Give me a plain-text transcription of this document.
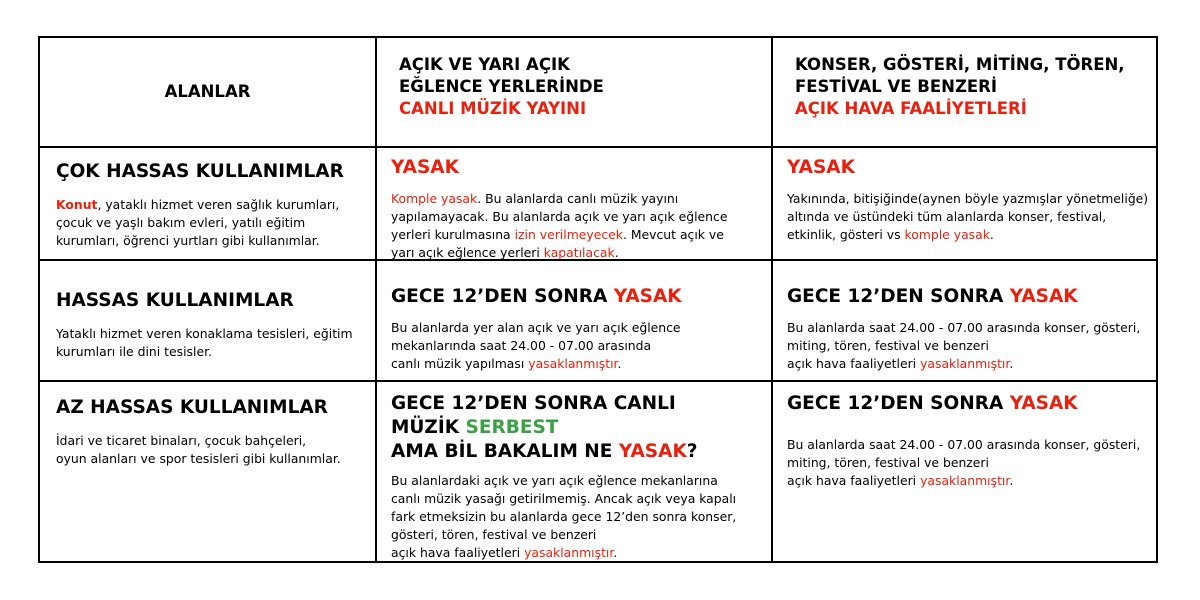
ALANLAR
AÇIK VE YARI AÇIK
EĞLENCE YERLERİNDE
CANLI MÜZİK YAYINI
KONSER, GÖSTERİ, MİTİNG, TÖREN,
FESTİVAL VE BENZERİ
AÇIK HAVA FAALİYETLERİ
ÇOK HASSAS KULLANIMLAR
Konut, yataklı hizmet veren sağlık kurumları,
çocuk ve yaşlı bakım evleri, yatılı eğitim
kurumları, öğrenci yurtları gibi kullanımlar.
YASAK
Komple yasak. Bu alanlarda canlı müzik yayını
yapılamayacak. Bu alanlarda açık ve yarı açık eğlence
yerleri kurulmasına izin verilmeyecek. Mevcut açık ve
yarı açık eğlence yerleri kapatılacak.
YASAK
Yakınında, bitişiğinde(aynen böyle yazmışlar yönetmeliğe)
altında ve üstündeki tüm alanlarda konser, festival,
etkinlik, gösteri vs komple yasak.
HASSAS KULLANIMLAR
Yataklı hizmet veren konaklama tesisleri, eğitim
kurumları ile dini tesisler.
GECE 12’DEN SONRA YASAK
Bu alanlarda yer alan açık ve yarı açık eğlence
mekanlarında saat 24.00 - 07.00 arasında
canlı müzik yapılması yasaklanmıştır.
GECE 12’DEN SONRA YASAK
Bu alanlarda saat 24.00 - 07.00 arasında konser, gösteri,
miting, tören, festival ve benzeri
açık hava faaliyetleri yasaklanmıştır.
AZ HASSAS KULLANIMLAR
İdari ve ticaret binaları, çocuk bahçeleri,
oyun alanları ve spor tesisleri gibi kullanımlar.
GECE 12’DEN SONRA CANLI
MÜZİK SERBEST
AMA BİL BAKALIM NE YASAK?
Bu alanlardaki açık ve yarı açık eğlence mekanlarına
canlı müzik yasağı getirilmemiş. Ancak açık veya kapalı
fark etmeksizin bu alanlarda gece 12’den sonra konser,
gösteri, tören, festival ve benzeri
açık hava faaliyetleri yasaklanmıştır.
GECE 12’DEN SONRA YASAK
Bu alanlarda saat 24.00 - 07.00 arasında konser, gösteri,
miting, tören, festival ve benzeri
açık hava faaliyetleri yasaklanmıştır.
